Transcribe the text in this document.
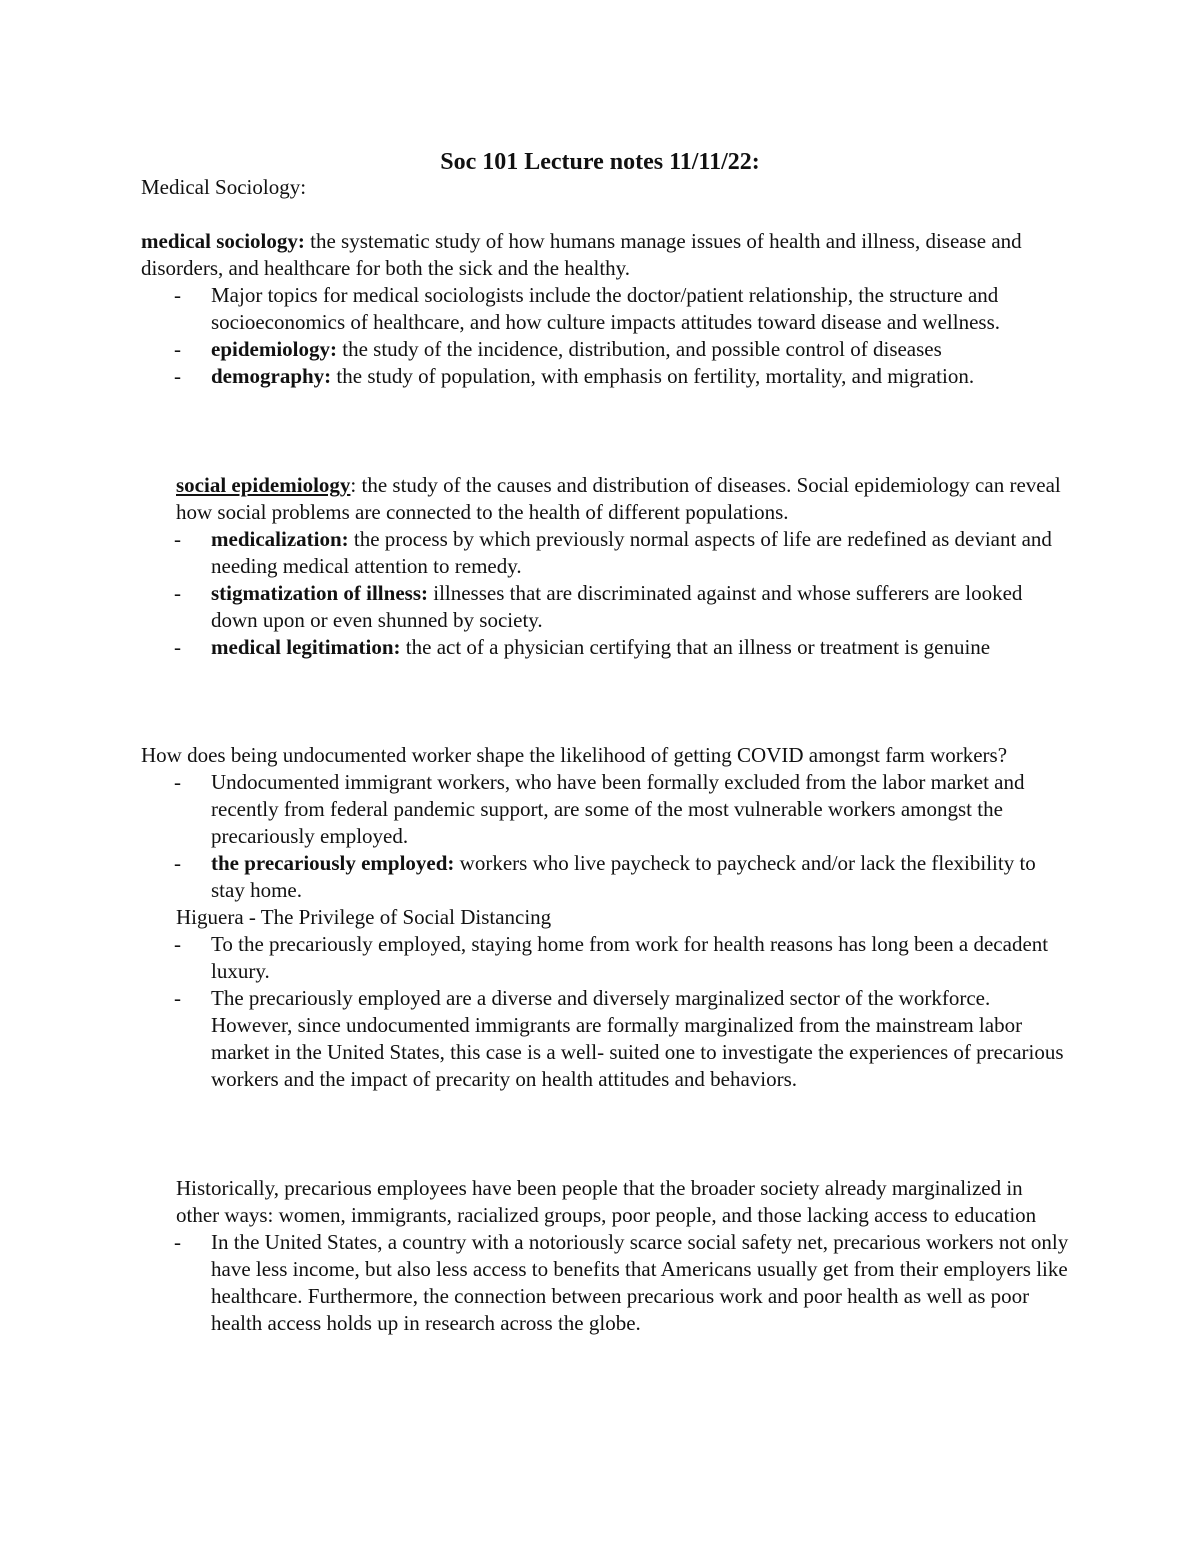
Soc 101 Lecture notes 11/11/22:

Medical Sociology:

medical sociology: the systematic study of how humans manage issues of health and illness, disease and disorders, and healthcare for both the sick and the healthy.

- Major topics for medical sociologists include the doctor/patient relationship, the structure and socioeconomics of healthcare, and how culture impacts attitudes toward disease and wellness.
- epidemiology: the study of the incidence, distribution, and possible control of diseases
- demography: the study of population, with emphasis on fertility, mortality, and migration.

social epidemiology: the study of the causes and distribution of diseases. Social epidemiology can reveal how social problems are connected to the health of different populations.

- medicalization: the process by which previously normal aspects of life are redefined as deviant and needing medical attention to remedy.
- stigmatization of illness: illnesses that are discriminated against and whose sufferers are looked down upon or even shunned by society.
- medical legitimation: the act of a physician certifying that an illness or treatment is genuine

How does being undocumented worker shape the likelihood of getting COVID amongst farm workers?

- Undocumented immigrant workers, who have been formally excluded from the labor market and recently from federal pandemic support, are some of the most vulnerable workers amongst the precariously employed.
- the precariously employed: workers who live paycheck to paycheck and/or lack the flexibility to stay home.

Higuera - The Privilege of Social Distancing

- To the precariously employed, staying home from work for health reasons has long been a decadent luxury.
- The precariously employed are a diverse and diversely marginalized sector of the workforce. However, since undocumented immigrants are formally marginalized from the mainstream labor market in the United States, this case is a well- suited one to investigate the experiences of precarious workers and the impact of precarity on health attitudes and behaviors.

Historically, precarious employees have been people that the broader society already marginalized in other ways: women, immigrants, racialized groups, poor people, and those lacking access to education

- In the United States, a country with a notoriously scarce social safety net, precarious workers not only have less income, but also less access to benefits that Americans usually get from their employers like healthcare. Furthermore, the connection between precarious work and poor health as well as poor health access holds up in research across the globe.
